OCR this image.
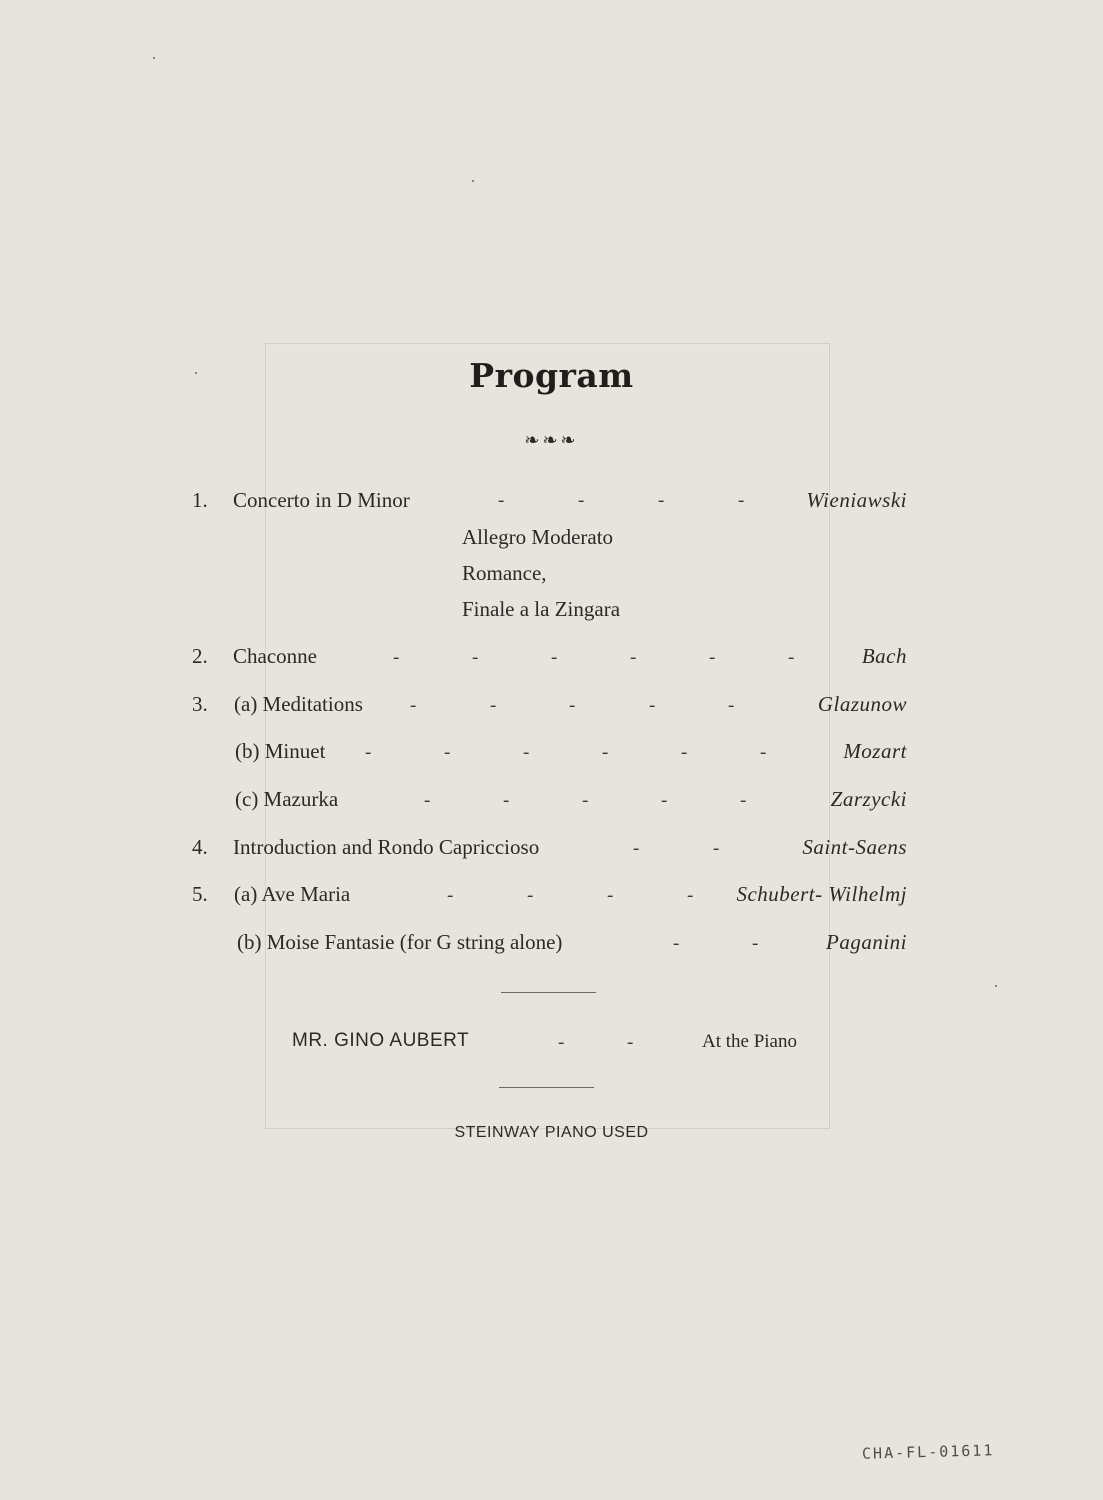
Program
❧❧❧
1. Concerto in D Minor	-	-	-	-	Wieniawski
Allegro Moderato
Romance,
Finale a la Zingara
2. Chaconne	-	-	-	-	-	-	Bach
3. (a) Meditations -	-	-	-	-	Glazunow
(b) Minuet -	-	-	-	-	-	Mozart
(c) Mazurka	-	-	-	-	-	Zarzycki
4. Introduction and Rondo Capriccioso	-	-	Saint-Saens
5. (a) Ave Maria	-	-	-	- Schubert- Wilhelmj
(b) Moise Fantasie (for G string alone)	-	-	Paganini
MR. GINO AUBERT	-	-	At the Piano
STEINWAY PIANO USED
CHA-FL-01611
